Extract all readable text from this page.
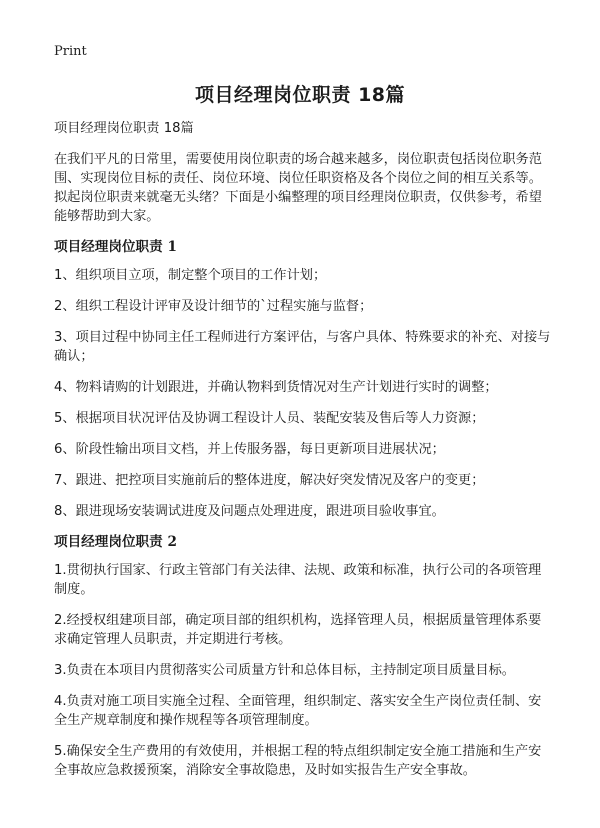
Print
项目经理岗位职责 18篇

项目经理岗位职责 18篇

在我们平凡的日常里，需要使用岗位职责的场合越来越多，岗位职责包括岗位职务范围、实现岗位目标的责任、岗位环境、岗位任职资格及各个岗位之间的相互关系等。拟起岗位职责来就毫无头绪？下面是小编整理的项目经理岗位职责，仅供参考，希望能够帮助到大家。

项目经理岗位职责 1

1、组织项目立项，制定整个项目的工作计划；

2、组织工程设计评审及设计细节的`过程实施与监督；

3、项目过程中协同主任工程师进行方案评估，与客户具体、特殊要求的补充、对接与确认；

4、物料请购的计划跟进，并确认物料到货情况对生产计划进行实时的调整；

5、根据项目状况评估及协调工程设计人员、装配安装及售后等人力资源；

6、阶段性输出项目文档，并上传服务器，每日更新项目进展状况；

7、跟进、把控项目实施前后的整体进度，解决好突发情况及客户的变更；

8、跟进现场安装调试进度及问题点处理进度，跟进项目验收事宜。

项目经理岗位职责 2

1.贯彻执行国家、行政主管部门有关法律、法规、政策和标准，执行公司的各项管理制度。

2.经授权组建项目部，确定项目部的组织机构，选择管理人员，根据质量管理体系要求确定管理人员职责，并定期进行考核。

3.负责在本项目内贯彻落实公司质量方针和总体目标，主持制定项目质量目标。

4.负责对施工项目实施全过程、全面管理，组织制定、落实安全生产岗位责任制、安全生产规章制度和操作规程等各项管理制度。

5.确保安全生产费用的有效使用，并根据工程的特点组织制定安全施工措施和生产安全事故应急救援预案，消除安全事故隐患，及时如实报告生产安全事故。
